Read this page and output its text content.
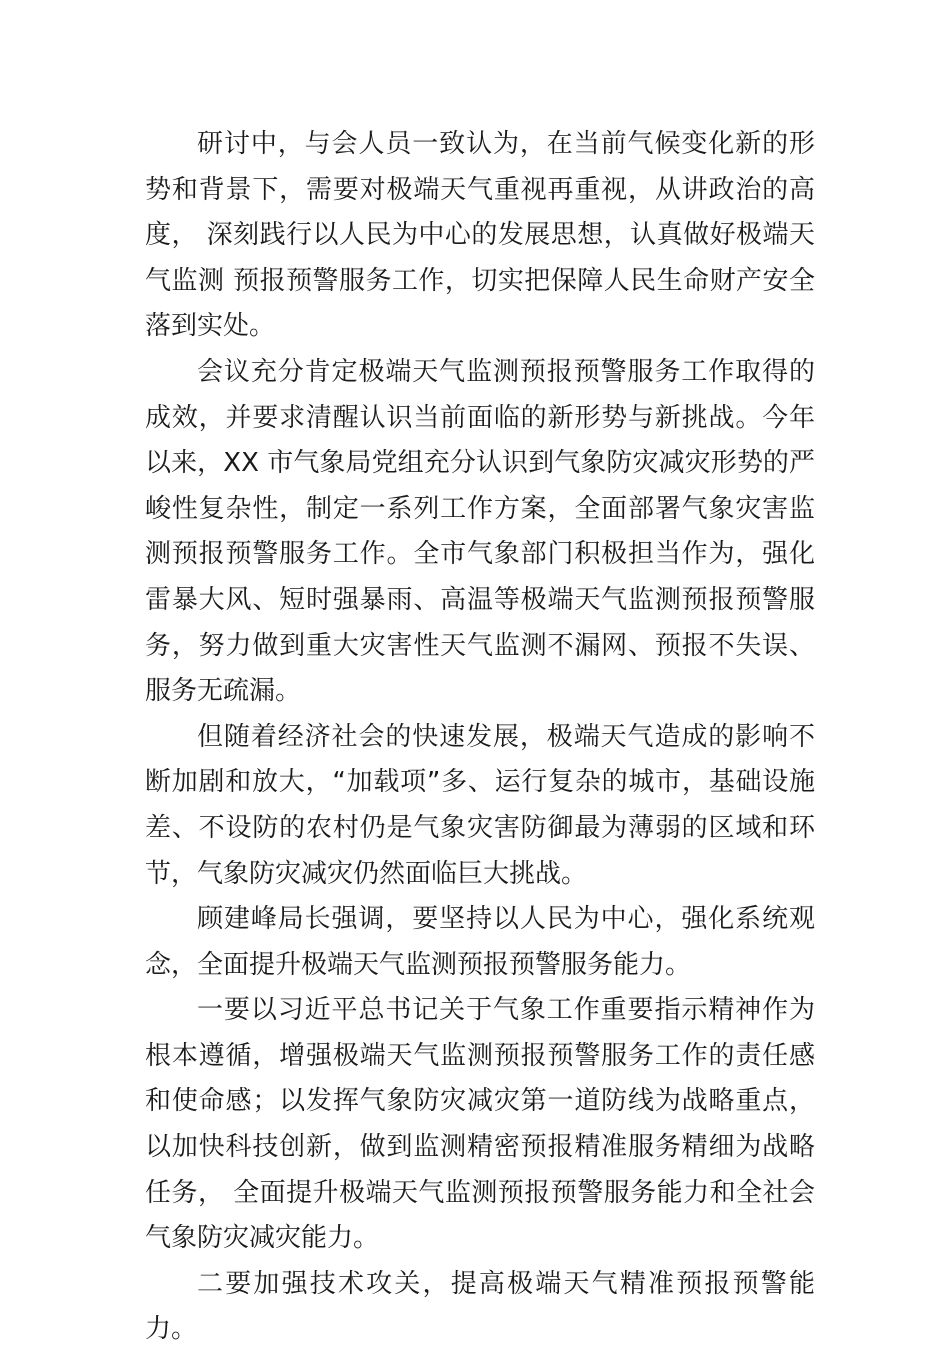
研讨中，与会人员一致认为，在当前气候变化新的形势和背景下，需要对极端天气重视再重视，从讲政治的高度， 深刻践行以人民为中心的发展思想，认真做好极端天气监测 预报预警服务工作，切实把保障人民生命财产安全落到实处。

会议充分肯定极端天气监测预报预警服务工作取得的成效，并要求清醒认识当前面临的新形势与新挑战。今年以来，XX 市气象局党组充分认识到气象防灾减灾形势的严峻性复杂性，制定一系列工作方案，全面部署气象灾害监测预报预警服务工作。全市气象部门积极担当作为，强化雷暴大风、短时强暴雨、高温等极端天气监测预报预警服务，努力做到重大灾害性天气监测不漏网、预报不失误、服务无疏漏。

但随着经济社会的快速发展，极端天气造成的影响不断加剧和放大，“加载项”多、运行复杂的城市，基础设施差、不设防的农村仍是气象灾害防御最为薄弱的区域和环节，气象防灾减灾仍然面临巨大挑战。

顾建峰局长强调，要坚持以人民为中心，强化系统观念，全面提升极端天气监测预报预警服务能力。

一要以习近平总书记关于气象工作重要指示精神作为根本遵循，增强极端天气监测预报预警服务工作的责任感和使命感；以发挥气象防灾减灾第一道防线为战略重点，以加快科技创新，做到监测精密预报精准服务精细为战略任务， 全面提升极端天气监测预报预警服务能力和全社会气象防灾减灾能力。

二要加强技术攻关，提高极端天气精准预报预警能力。
